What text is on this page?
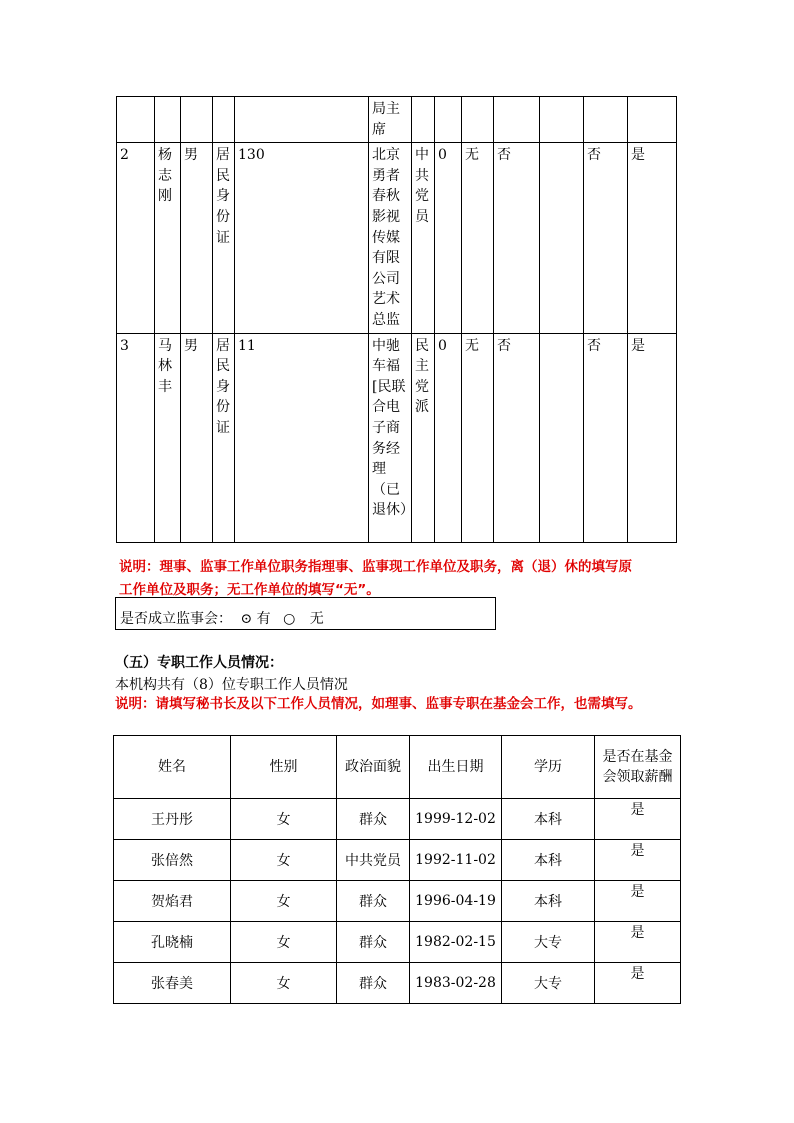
					局主席							
2	杨志刚	男	居民身份证	130	北京勇者春秋影视传媒有限公司艺术总监	中共党员	0	无	否		否	是
3	马林丰	男	居民身份证	11	中驰车福[民联合电子商务经理（已退休）	民主党派	0	无	否		否	是

说明：理事、监事工作单位职务指理事、监事现工作单位及职务，离（退）休的填写原

工作单位及职务；无工作单位的填写“无”。

是否成立监事会： ⊙ 有 ○ 无

（五）专职工作人员情况：

本机构共有（8）位专职工作人员情况

说明：请填写秘书长及以下工作人员情况，如理事、监事专职在基金会工作，也需填写。

姓名	性别	政治面貌	出生日期	学历	是否在基金会领取薪酬
王丹彤	女	群众	1999-12-02	本科	是
张倍然	女	中共党员	1992-11-02	本科	是
贺焰君	女	群众	1996-04-19	本科	是
孔晓楠	女	群众	1982-02-15	大专	是
张春美	女	群众	1983-02-28	大专	是
